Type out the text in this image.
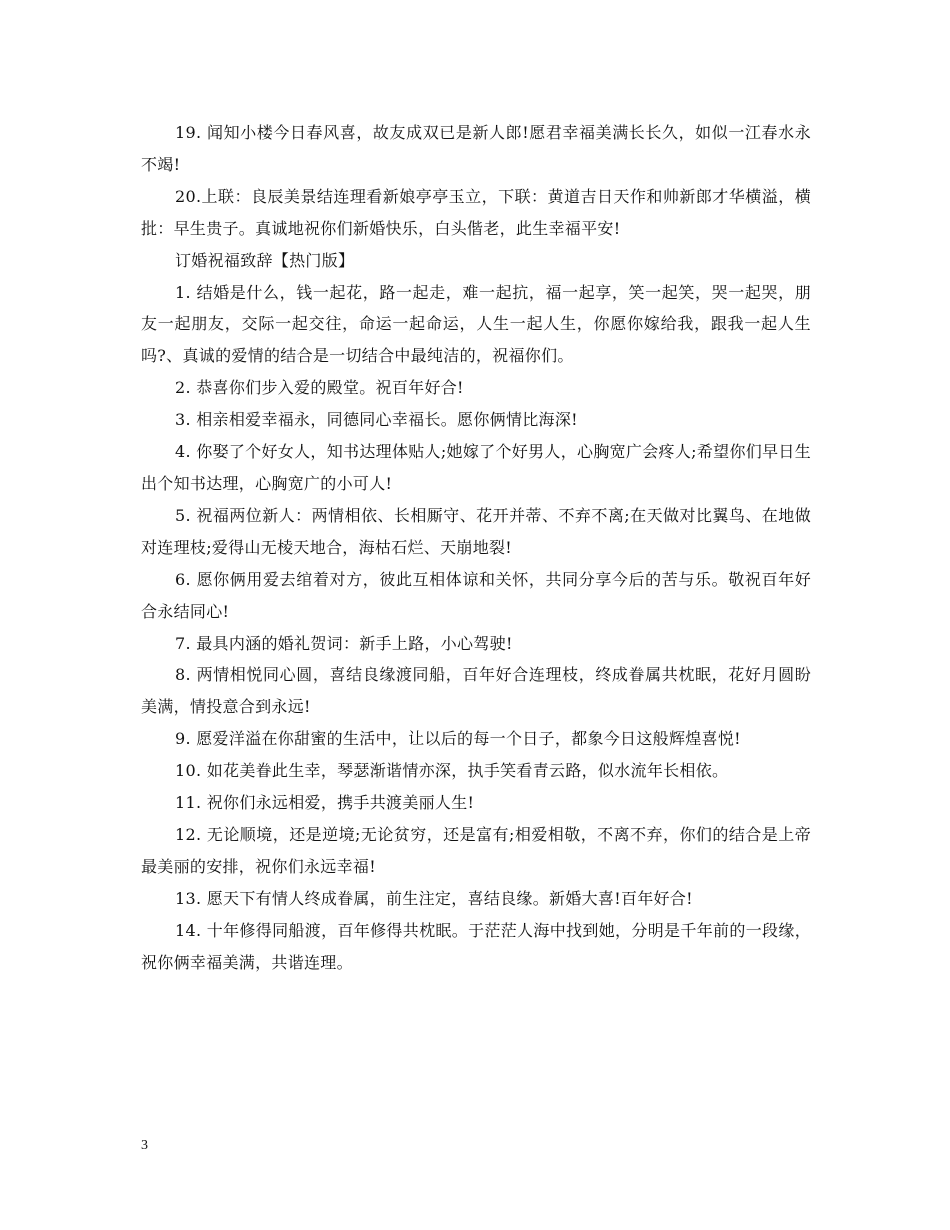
19. 闻知小楼今日春风喜，故友成双已是新人郎!愿君幸福美满长长久，如似一江春水永不竭!

20.上联：良辰美景结连理看新娘亭亭玉立，下联：黄道吉日天作和帅新郎才华横溢，横批：早生贵子。真诚地祝你们新婚快乐，白头偕老，此生幸福平安!

订婚祝福致辞【热门版】

1. 结婚是什么，钱一起花，路一起走，难一起抗，福一起享，笑一起笑，哭一起哭，朋友一起朋友，交际一起交往，命运一起命运，人生一起人生，你愿你嫁给我，跟我一起人生吗?、真诚的爱情的结合是一切结合中最纯洁的，祝福你们。

2. 恭喜你们步入爱的殿堂。祝百年好合!

3. 相亲相爱幸福永，同德同心幸福长。愿你俩情比海深!

4. 你娶了个好女人，知书达理体贴人;她嫁了个好男人，心胸宽广会疼人;希望你们早日生出个知书达理，心胸宽广的小可人!

5. 祝福两位新人：两情相依、长相厮守、花开并蒂、不弃不离;在天做对比翼鸟、在地做对连理枝;爱得山无棱天地合，海枯石烂、天崩地裂!

6. 愿你俩用爱去绾着对方，彼此互相体谅和关怀，共同分享今后的苦与乐。敬祝百年好合永结同心!

7. 最具内涵的婚礼贺词：新手上路，小心驾驶!

8. 两情相悦同心圆，喜结良缘渡同船，百年好合连理枝，终成眷属共枕眠，花好月圆盼美满，情投意合到永远!

9. 愿爱洋溢在你甜蜜的生活中，让以后的每一个日子，都象今日这般辉煌喜悦!

10. 如花美眷此生幸，琴瑟渐谐情亦深，执手笑看青云路，似水流年长相依。

11. 祝你们永远相爱，携手共渡美丽人生!

12. 无论顺境，还是逆境;无论贫穷，还是富有;相爱相敬，不离不弃，你们的结合是上帝最美丽的安排，祝你们永远幸福!

13. 愿天下有情人终成眷属，前生注定，喜结良缘。新婚大喜!百年好合!

14. 十年修得同船渡，百年修得共枕眠。于茫茫人海中找到她，分明是千年前的一段缘，祝你俩幸福美满，共谐连理。

3
